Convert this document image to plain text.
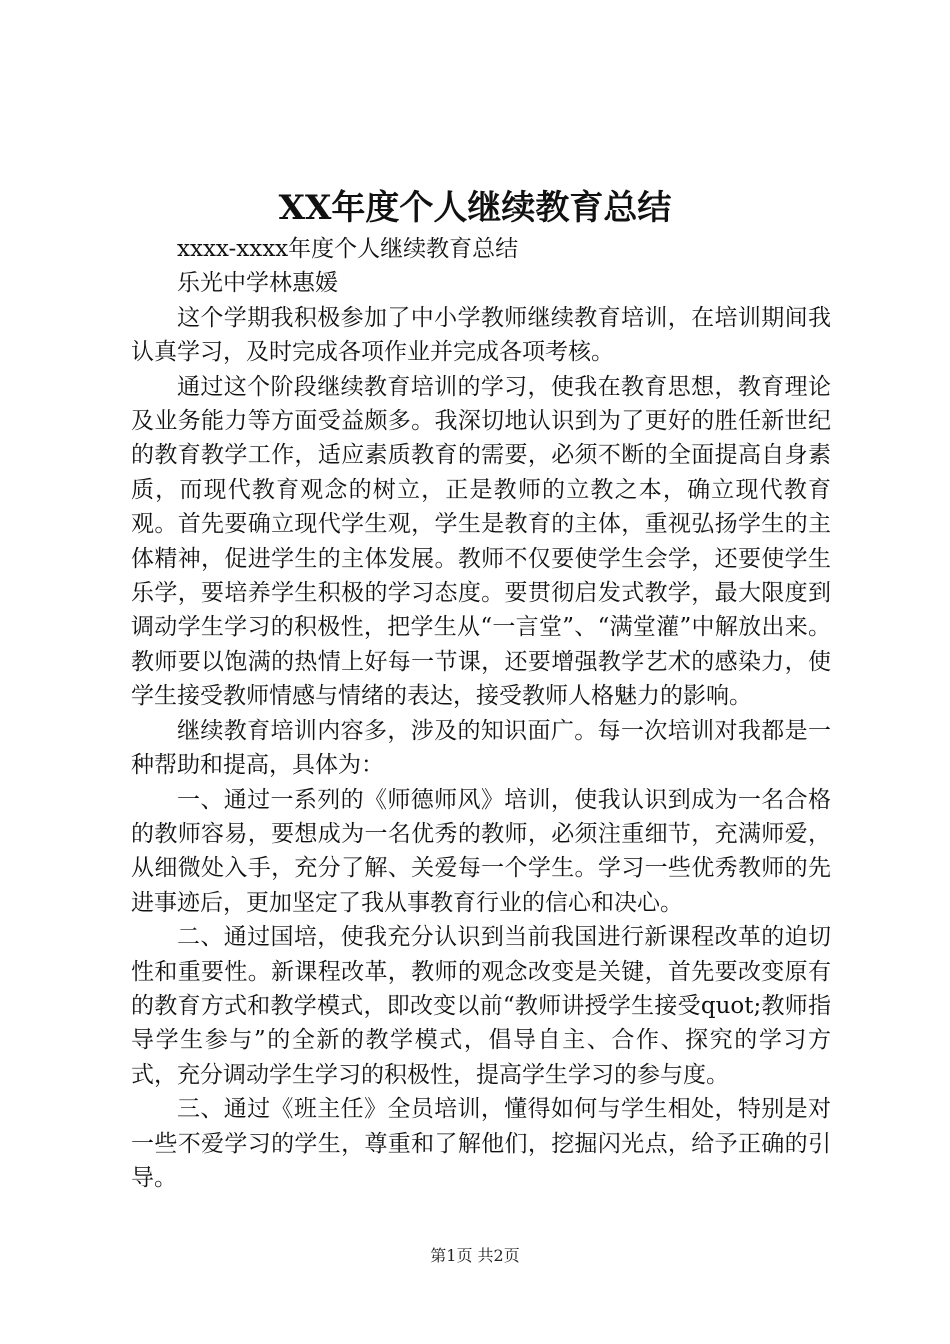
XX年度个人继续教育总结

xxxx-xxxx年度个人继续教育总结

乐光中学林惠媛

这个学期我积极参加了中小学教师继续教育培训，在培训期间我认真学习，及时完成各项作业并完成各项考核。

通过这个阶段继续教育培训的学习，使我在教育思想，教育理论及业务能力等方面受益颇多。我深切地认识到为了更好的胜任新世纪的教育教学工作，适应素质教育的需要，必须不断的全面提高自身素质，而现代教育观念的树立，正是教师的立教之本，确立现代教育观。首先要确立现代学生观，学生是教育的主体，重视弘扬学生的主体精神，促进学生的主体发展。教师不仅要使学生会学，还要使学生乐学，要培养学生积极的学习态度。要贯彻启发式教学，最大限度到调动学生学习的积极性，把学生从“一言堂”、“满堂灌”中解放出来。教师要以饱满的热情上好每一节课，还要增强教学艺术的感染力，使学生接受教师情感与情绪的表达，接受教师人格魅力的影响。

继续教育培训内容多，涉及的知识面广。每一次培训对我都是一种帮助和提高，具体为：

一、通过一系列的《师德师风》培训，使我认识到成为一名合格的教师容易，要想成为一名优秀的教师，必须注重细节，充满师爱，从细微处入手，充分了解、关爱每一个学生。学习一些优秀教师的先进事迹后，更加坚定了我从事教育行业的信心和决心。

二、通过国培，使我充分认识到当前我国进行新课程改革的迫切性和重要性。新课程改革，教师的观念改变是关键，首先要改变原有的教育方式和教学模式，即改变以前“教师讲授学生接受quot;教师指导学生参与”的全新的教学模式，倡导自主、合作、探究的学习方式，充分调动学生学习的积极性，提高学生学习的参与度。

三、通过《班主任》全员培训，懂得如何与学生相处，特别是对一些不爱学习的学生，尊重和了解他们，挖掘闪光点，给予正确的引导。

第1页 共2页
